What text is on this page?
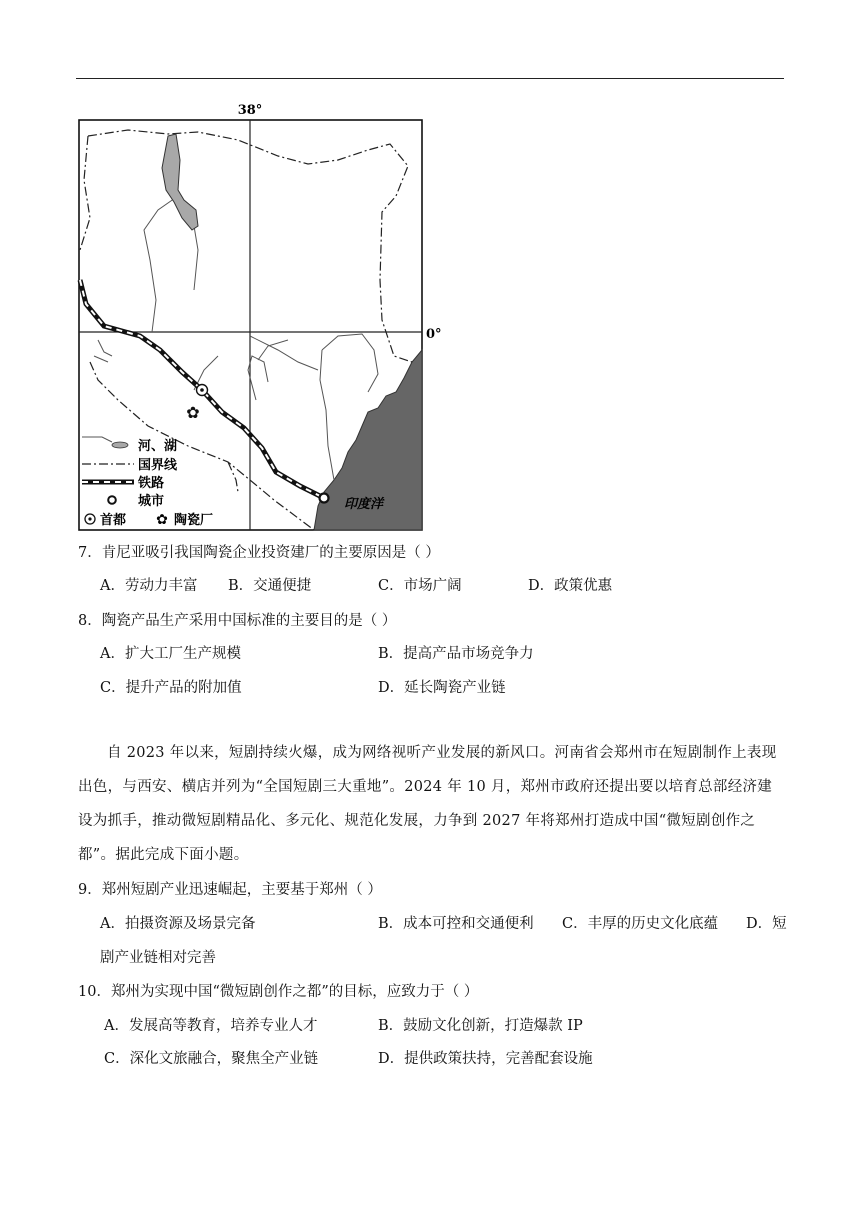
✿
38°
0°
印度洋
河、湖
国界线
铁路
城市
首都 ✿ 陶瓷厂
7．肯尼亚吸引我国陶瓷企业投资建厂的主要原因是（ ）
A．劳动力丰富 B．交通便捷	C．市场广阔	D．政策优惠
8．陶瓷产品生产采用中国标准的主要目的是（ ）
A．扩大工厂生产规模	B．提高产品市场竞争力
C．提升产品的附加值	D．延长陶瓷产业链
自 2023 年以来，短剧持续火爆，成为网络视听产业发展的新风口。河南省会郑州市在短剧制作上表现出色，与西安、横店并列为“全国短剧三大重地”。2024 年 10 月，郑州市政府还提出要以培育总部经济建设为抓手，推动微短剧精品化、多元化、规范化发展，力争到 2027 年将郑州打造成中国“微短剧创作之都”。据此完成下面小题。
9．郑州短剧产业迅速崛起，主要基于郑州（ ）
A．拍摄资源及场景完备	B．成本可控和交通便利 C．丰厚的历史文化底蕴 D．短
剧产业链相对完善
10．郑州为实现中国“微短剧创作之都”的目标，应致力于（ ）
A．发展高等教育，培养专业人才	B．鼓励文化创新，打造爆款 IP
C．深化文旅融合，聚焦全产业链	D．提供政策扶持，完善配套设施
